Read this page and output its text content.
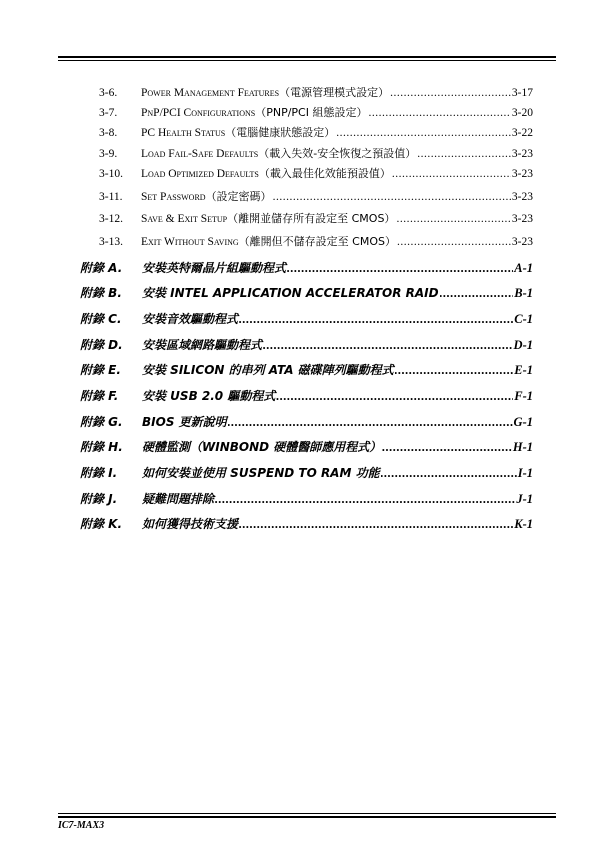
3-6.	Power Management Features （電源管理模式設定） .....	3-17
3-7.	PnP/PCI Configurations （PNP/PCI 組態設定） .....	3-20
3-8.	PC Health Status （電腦健康狀態設定） .....	3-22
3-9.	Load Fail-Safe Defaults （載入失效-安全恢復之預設值） .....	3-23
3-10.	Load Optimized Defaults （載入最佳化效能預設值） .....	3-23
3-11.	Set Password （設定密碼） .....	3-23
3-12.	Save & Exit Setup （離開並儲存所有設定至 CMOS） .....	3-23
3-13.	Exit Without Saving （離開但不儲存設定至 CMOS） .....	3-23
附錄 A.	安裝英特爾晶片組驅動程式 .....	A-1
附錄 B.	安裝 INTEL APPLICATION ACCELERATOR RAID .....	B-1
附錄 C.	安裝音效驅動程式 .....	C-1
附錄 D.	安裝區域網路驅動程式 .....	D-1
附錄 E.	安裝 SILICON 的串列 ATA 磁碟陣列驅動程式 .....	E-1
附錄 F.	安裝 USB 2.0 驅動程式 .....	F-1
附錄 G.	BIOS 更新說明 .....	G-1
附錄 H.	硬體監測（WINBOND 硬體醫師應用程式） .....	H-1
附錄 I.	如何安裝並使用 SUSPEND TO RAM 功能 .....	I-1
附錄 J.	疑難問題排除 .....	J-1
附錄 K.	如何獲得技術支援 .....	K-1
IC7-MAX3
